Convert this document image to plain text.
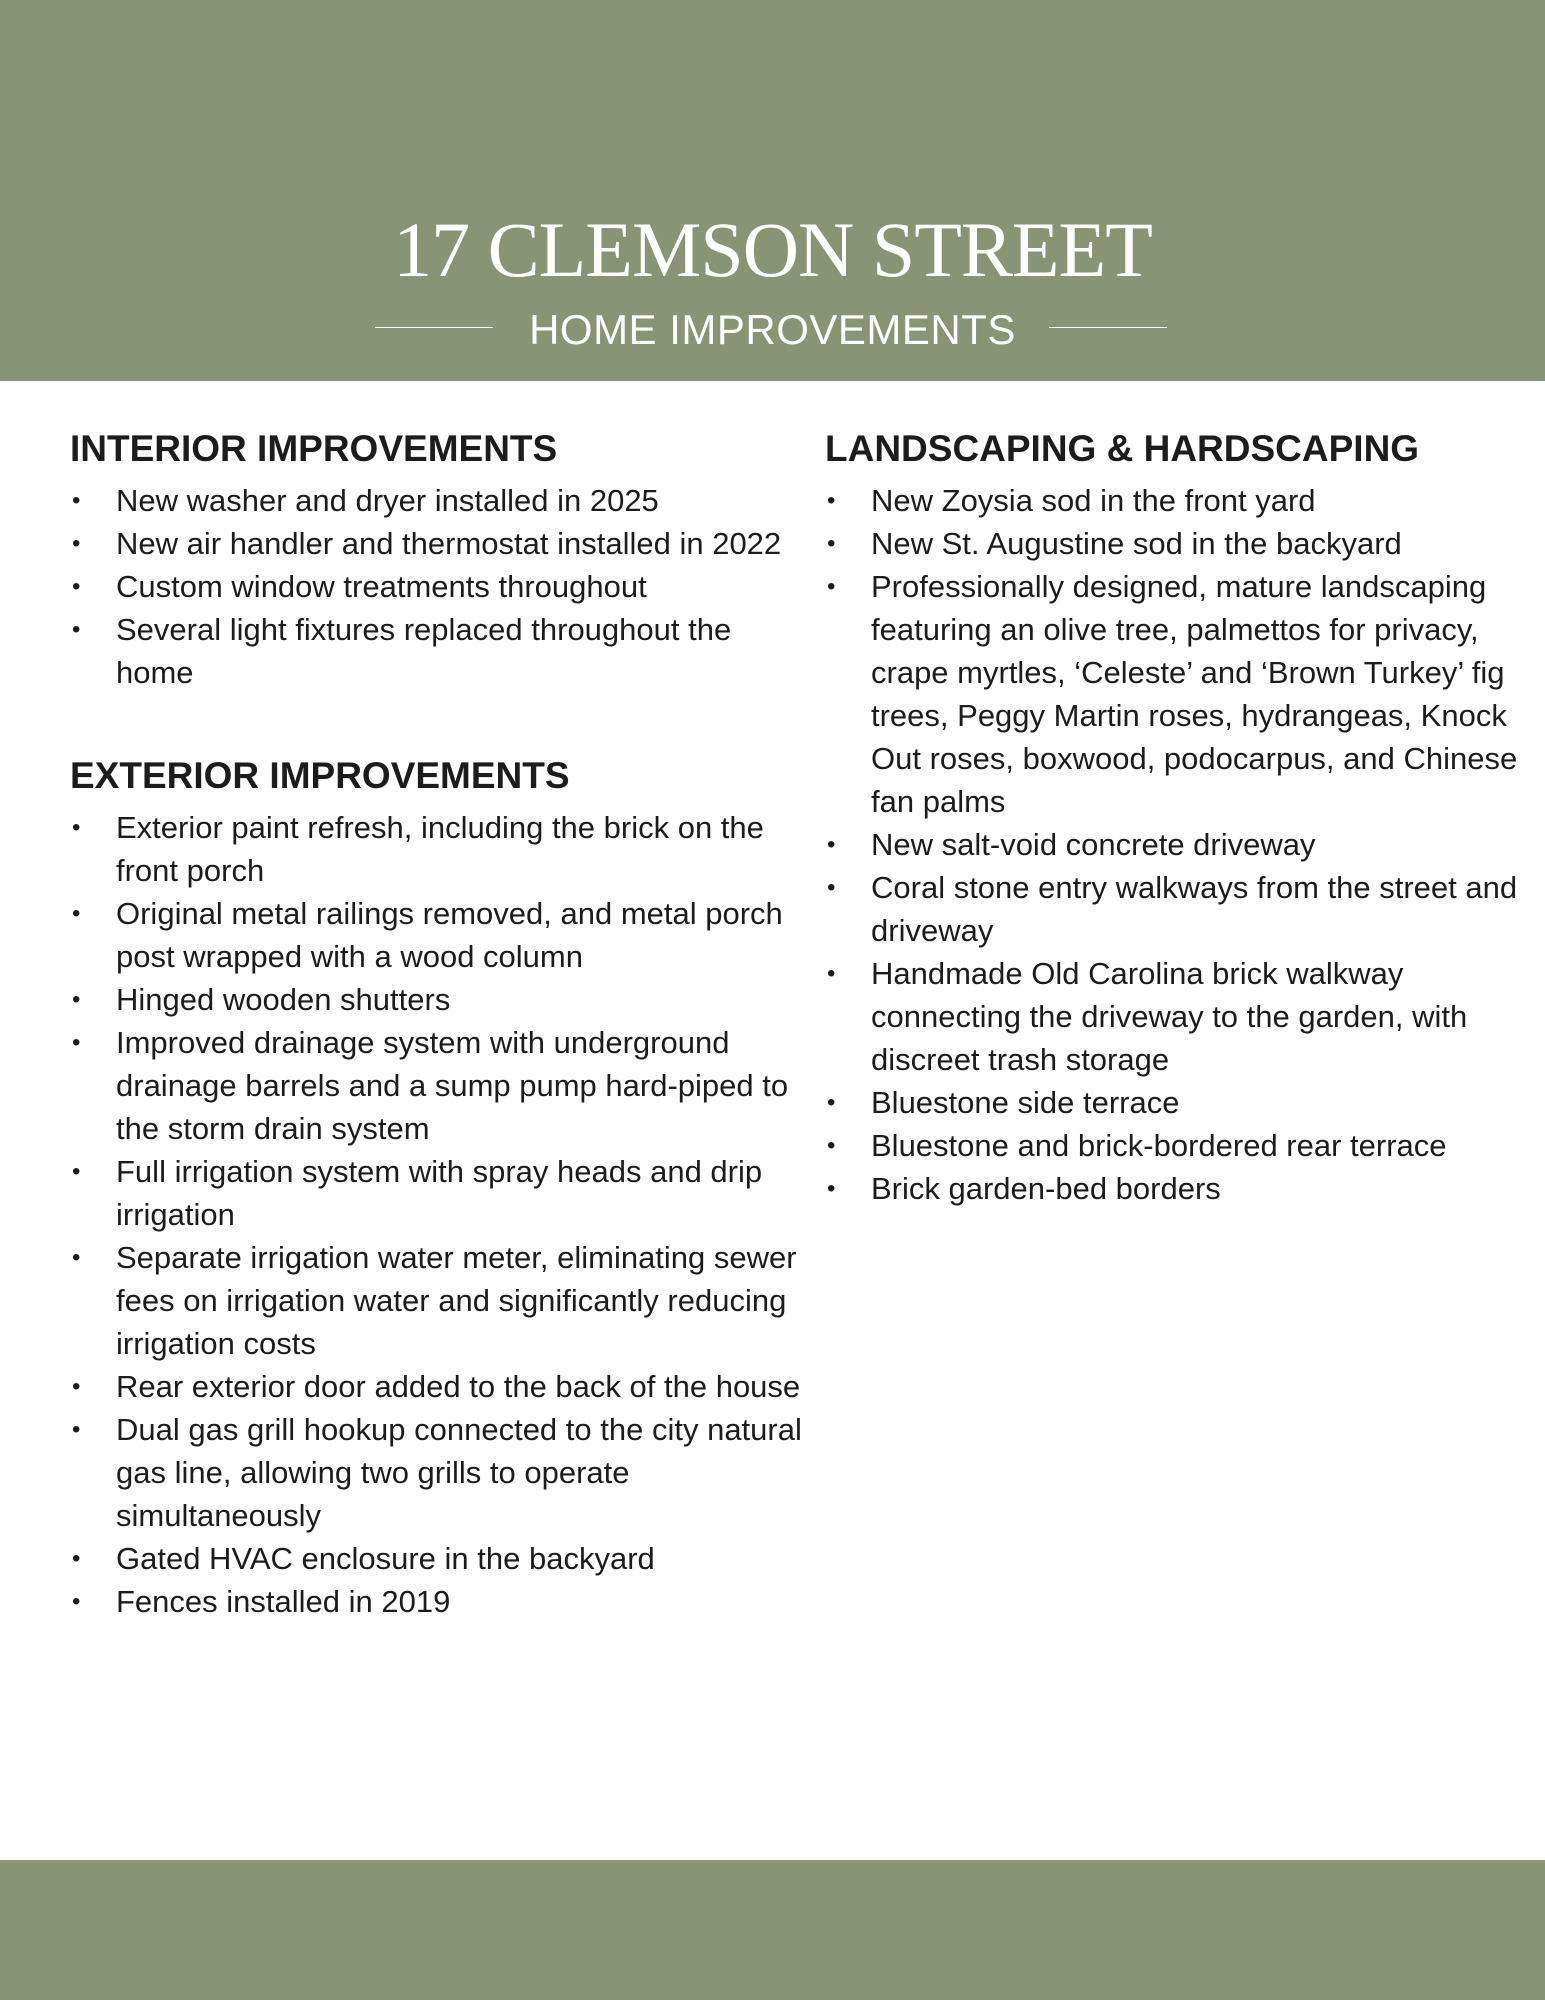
17 CLEMSON STREET
HOME IMPROVEMENTS
INTERIOR IMPROVEMENTS
• New washer and dryer installed in 2025
• New air handler and thermostat installed in 2022
• Custom window treatments throughout
• Several light fixtures replaced throughout the home
EXTERIOR IMPROVEMENTS
• Exterior paint refresh, including the brick on the front porch
• Original metal railings removed, and metal porch post wrapped with a wood column
• Hinged wooden shutters
• Improved drainage system with underground drainage barrels and a sump pump hard-piped to the storm drain system
• Full irrigation system with spray heads and drip irrigation
• Separate irrigation water meter, eliminating sewer fees on irrigation water and significantly reducing irrigation costs
• Rear exterior door added to the back of the house
• Dual gas grill hookup connected to the city natural gas line, allowing two grills to operate simultaneously
• Gated HVAC enclosure in the backyard
• Fences installed in 2019
LANDSCAPING & HARDSCAPING
• New Zoysia sod in the front yard
• New St. Augustine sod in the backyard
• Professionally designed, mature landscaping featuring an olive tree, palmettos for privacy, crape myrtles, ‘Celeste’ and ‘Brown Turkey’ fig trees, Peggy Martin roses, hydrangeas, Knock Out roses, boxwood, podocarpus, and Chinese fan palms
• New salt-void concrete driveway
• Coral stone entry walkways from the street and driveway
• Handmade Old Carolina brick walkway connecting the driveway to the garden, with discreet trash storage
• Bluestone side terrace
• Bluestone and brick-bordered rear terrace
• Brick garden-bed borders
